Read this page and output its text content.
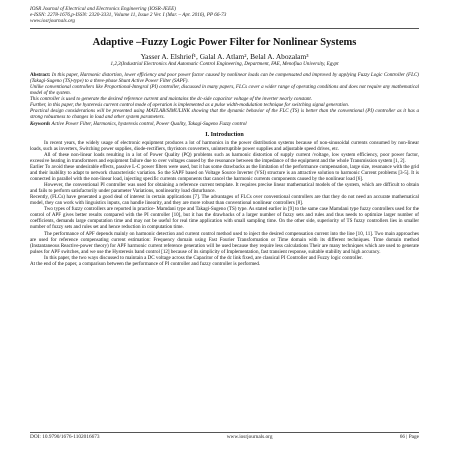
IOSR Journal of Electrical and Electronics Engineering (IOSR-JEEE)
e-ISSN: 2278-1676,p-ISSN: 2320-3331, Volume 11, Issue 2 Ver. I (Mar. – Apr. 2016), PP 66-73
www.iosrjournals.org
Adaptive –Fuzzy Logic Power Filter for Nonlinear Systems
Yasser A. Elshrief¹, Galal A. Atlam², Belal A. Abozalam³
1,2,3(Industrial Electronics And Automatic Control Engineering, Department, FAE, Menofiua University, Egypt

Abstract: In this paper, Harmonic distortion, lower efficiency and poor power factor caused by nonlinear loads can be compensated and improved by applying Fuzzy Logic Controller (FLC)(Takagi-Sugeno (TS)-type) to a three-phase Shunt Active Power Filter (SAPF).

Unlike conventional controllers like Proportional-Integral (PI) controller, discussed in many papers, FLCs cover a wider range of operating conditions and does not require any mathematical model of the system.

This controller is used to generate the desired reference current and maintains the dc-side capacitor voltage of the inverter nearly constant.

Further, in this paper, the hysteresis current control mode of operation is implemented as a pulse width-modulation technique for switching signal generation.

Practical design considerations will be presented using MATLAB/SIMULINK showing that the dynamic behavior of the FLC (TS) is better than the conventional (PI) controller as it has a strong robustness to changes in load and other system parameters.

Keywords Active Power Filter, Harmonics, hysteresis control, Power Quality, Takagi-Sugeno Fuzzy control
I. Introduction

In recent years, the widely usage of electronic equipment produces a lot of harmonics in the power distribution systems because of non-sinusoidal currents consumed by non-linear loads, such as inverters, Switching power supplies, diode-rectifiers, thyristors converters, uninterruptible power supplies and adjustable speed drives, etc.

All of these non-linear loads resulting in a lot of Power Quality (PQ) problems such as harmonic distortion of supply current /voltage, low system efficiency, poor power factor, excessive heating in transformers and equipment failure due to over voltages caused by the resonance between the impedance of the equipment and the whole Transmission system [1, 2].

Earlier To avoid these undesirable effects, passive L-C power filters were used, but it has some drawbacks as the limitation of the performance compensation, large size, resonance with the grid and their inability to adapt to network characteristic variation. So the SAPF based on Voltage Source Inverter (VSI) structure is an attractive solution to harmonic Current problems [3-5]. It is connected in parallel with the non-linear load, injecting specific currents components that cancel the harmonic currents components caused by the nonlinear load [6].

However, the conventional PI controller was used for obtaining a reference current template. It requires precise linear mathematical models of the system, which are difficult to obtain and fails to perform satisfactorily under parameter Variations, nonlinearity load disturbance.

Recently, (FLCs) have generated a good deal of interest in certain applications [7]. The advantages of FLCs over conventional controllers are that they do not need an accurate mathematical model, they can work with linguistics inputs, can handle linearity, and they are more robust than conventional nonlinear controllers [8].

Two types of fuzzy controllers are reported in practice- Mamdani type and Takagi-Sugeno (TS) type. As stated earlier in [9] to the same case Mamdani type fuzzy controllers used for the control of APF gives better results compared with the PI controller [10], but it has the drawbacks of a larger number of fuzzy sets and rules and thus needs to optimize larger number of coefficients, demands large computation time and may not be useful for real time application with small sampling time. On the other side, superiority of TS fuzzy controllers lies in smaller number of fuzzy sets and rules set and hence reduction in computation time.

The performance of APF depends mainly on harmonic detection and current control method used to inject the desired compensation current into the line [10, 11]. Two main approaches are used for reference compensating current estimation: Frequency domain using Fast Fourier Transformation or Time domain with its different techniques. Time domain method (Instantaneous Reactive-power theory) for APF harmonic current reference generation will be used because they require less calculations Their are many techniques which are used to generate pulses for APF switches, and we use the Hysteresis band control [12] because of its simplicity of Implementation, fast transient response, suitable stability and high accuracy.

In this paper, the two ways discussed to maintain a DC voltage across the Capacitor of the dc link fixed, are classical PI Controller and Fuzzy logic controller.

At the end of the paper, a comparison between the performance of PI controller and fuzzy controller is performed.

DOI: 10.9790/1676-1102016673	www.iosrjournals.org	66 | Page
